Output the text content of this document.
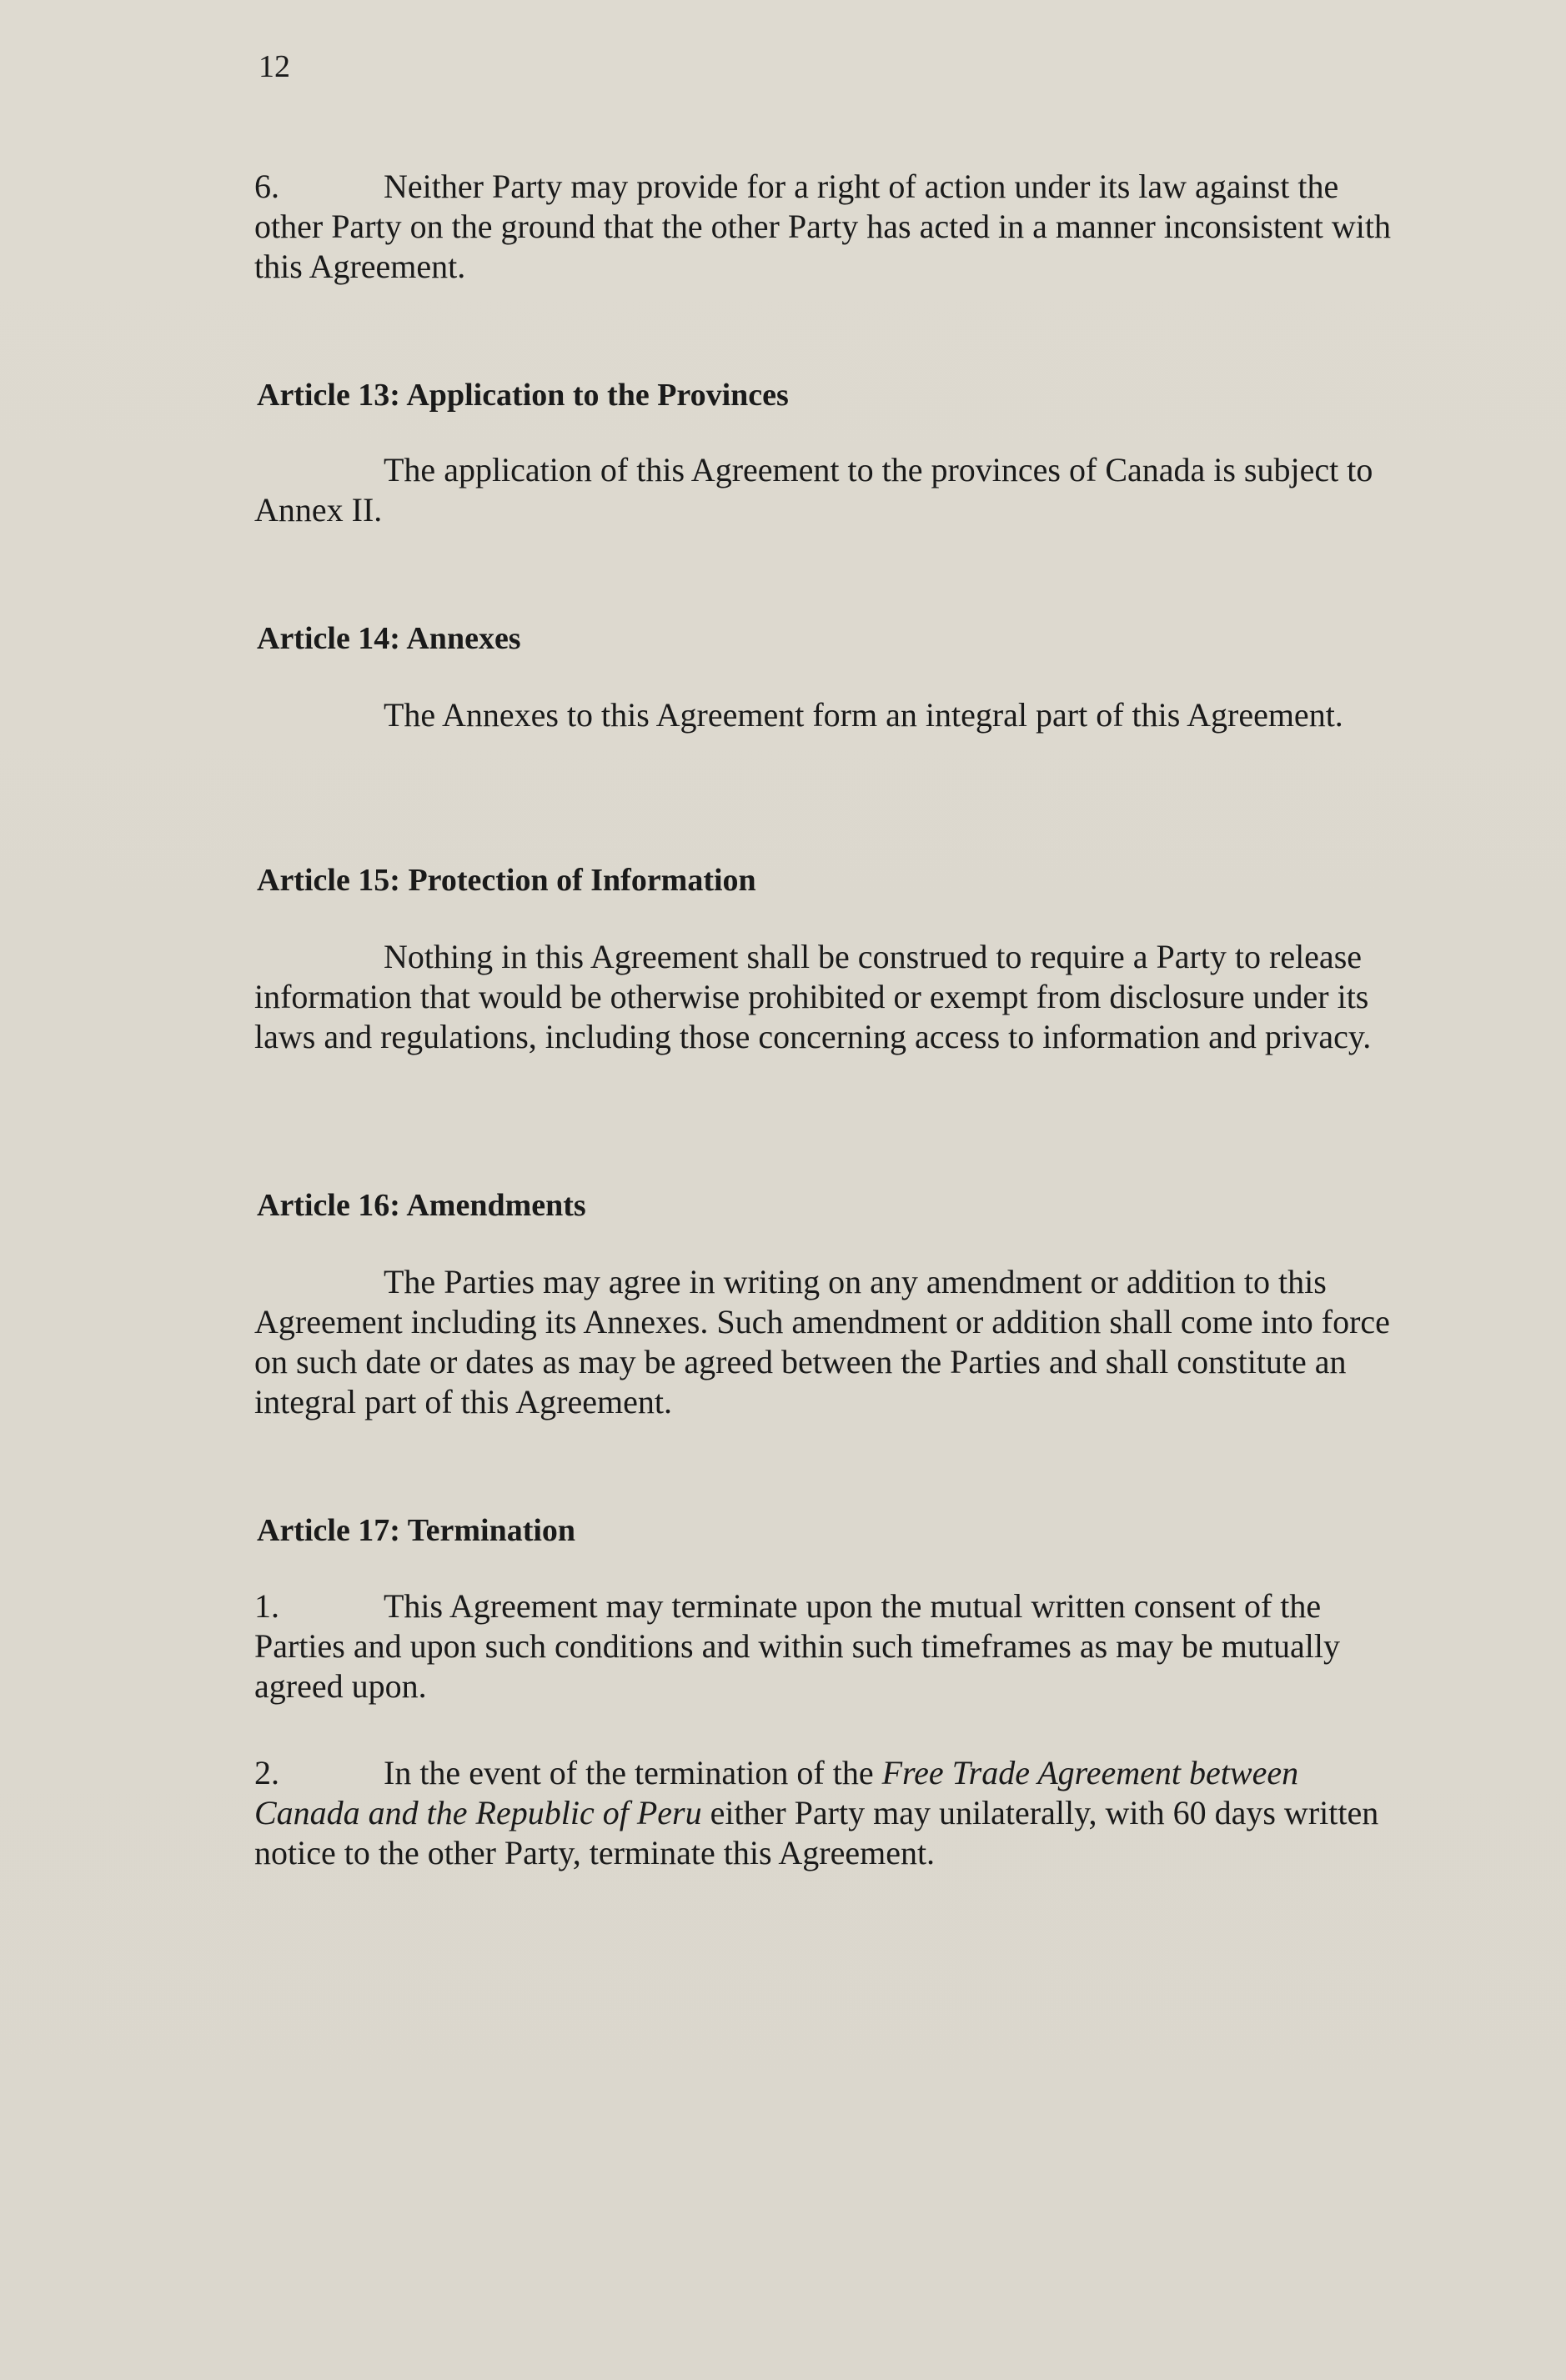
12

6.	Neither Party may provide for a right of action under its law against the other Party on the ground that the other Party has acted in a manner inconsistent with this Agreement.

Article 13: Application to the Provinces

The application of this Agreement to the provinces of Canada is subject to Annex II.

Article 14: Annexes

The Annexes to this Agreement form an integral part of this Agreement.

Article 15: Protection of Information

Nothing in this Agreement shall be construed to require a Party to release information that would be otherwise prohibited or exempt from disclosure under its laws and regulations, including those concerning access to information and privacy.

Article 16: Amendments

The Parties may agree in writing on any amendment or addition to this Agreement including its Annexes. Such amendment or addition shall come into force on such date or dates as may be agreed between the Parties and shall constitute an integral part of this Agreement.

Article 17: Termination

1.	This Agreement may terminate upon the mutual written consent of the Parties and upon such conditions and within such timeframes as may be mutually agreed upon.

2.	In the event of the termination of the Free Trade Agreement between Canada and the Republic of Peru either Party may unilaterally, with 60 days written notice to the other Party, terminate this Agreement.
